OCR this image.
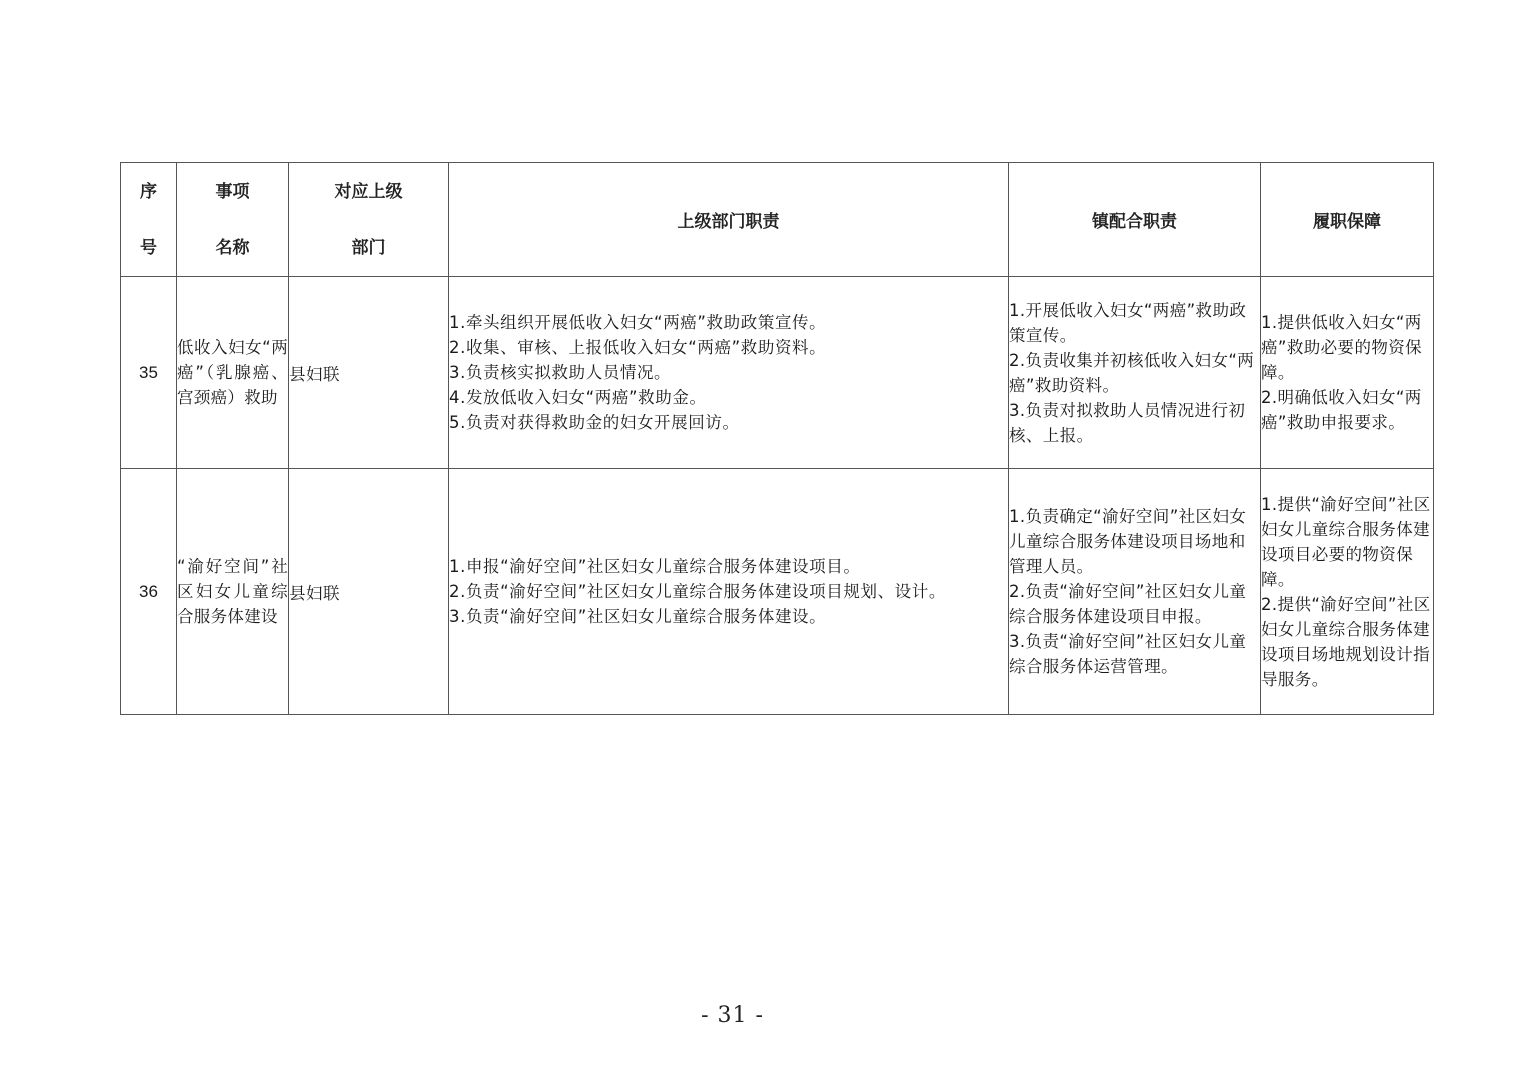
序
号	事项
名称	对应上级
部门	上级部门职责	镇配合职责	履职保障
35	低收入妇女“两癌”（乳腺癌、宫颈癌）救助	县妇联	1.牵头组织开展低收入妇女“两癌”救助政策宣传。
2.收集、审核、上报低收入妇女“两癌”救助资料。
3.负责核实拟救助人员情况。
4.发放低收入妇女“两癌”救助金。
5.负责对获得救助金的妇女开展回访。	1.开展低收入妇女“两癌”救助政策宣传。
2.负责收集并初核低收入妇女“两癌”救助资料。
3.负责对拟救助人员情况进行初核、上报。	1.提供低收入妇女“两癌”救助必要的物资保障。
2.明确低收入妇女“两癌”救助申报要求。

36	“渝好空间”社区妇女儿童综合服务体建设	县妇联	1.申报“渝好空间”社区妇女儿童综合服务体建设项目。
2.负责“渝好空间”社区妇女儿童综合服务体建设项目规划、设计。
3.负责“渝好空间”社区妇女儿童综合服务体建设。	1.负责确定“渝好空间”社区妇女儿童综合服务体建设项目场地和管理人员。
2.负责“渝好空间”社区妇女儿童综合服务体建设项目申报。
3.负责“渝好空间”社区妇女儿童综合服务体运营管理。	1.提供“渝好空间”社区妇女儿童综合服务体建设项目必要的物资保障。
2.提供“渝好空间”社区妇女儿童综合服务体建设项目场地规划设计指导服务。
- 31 -
